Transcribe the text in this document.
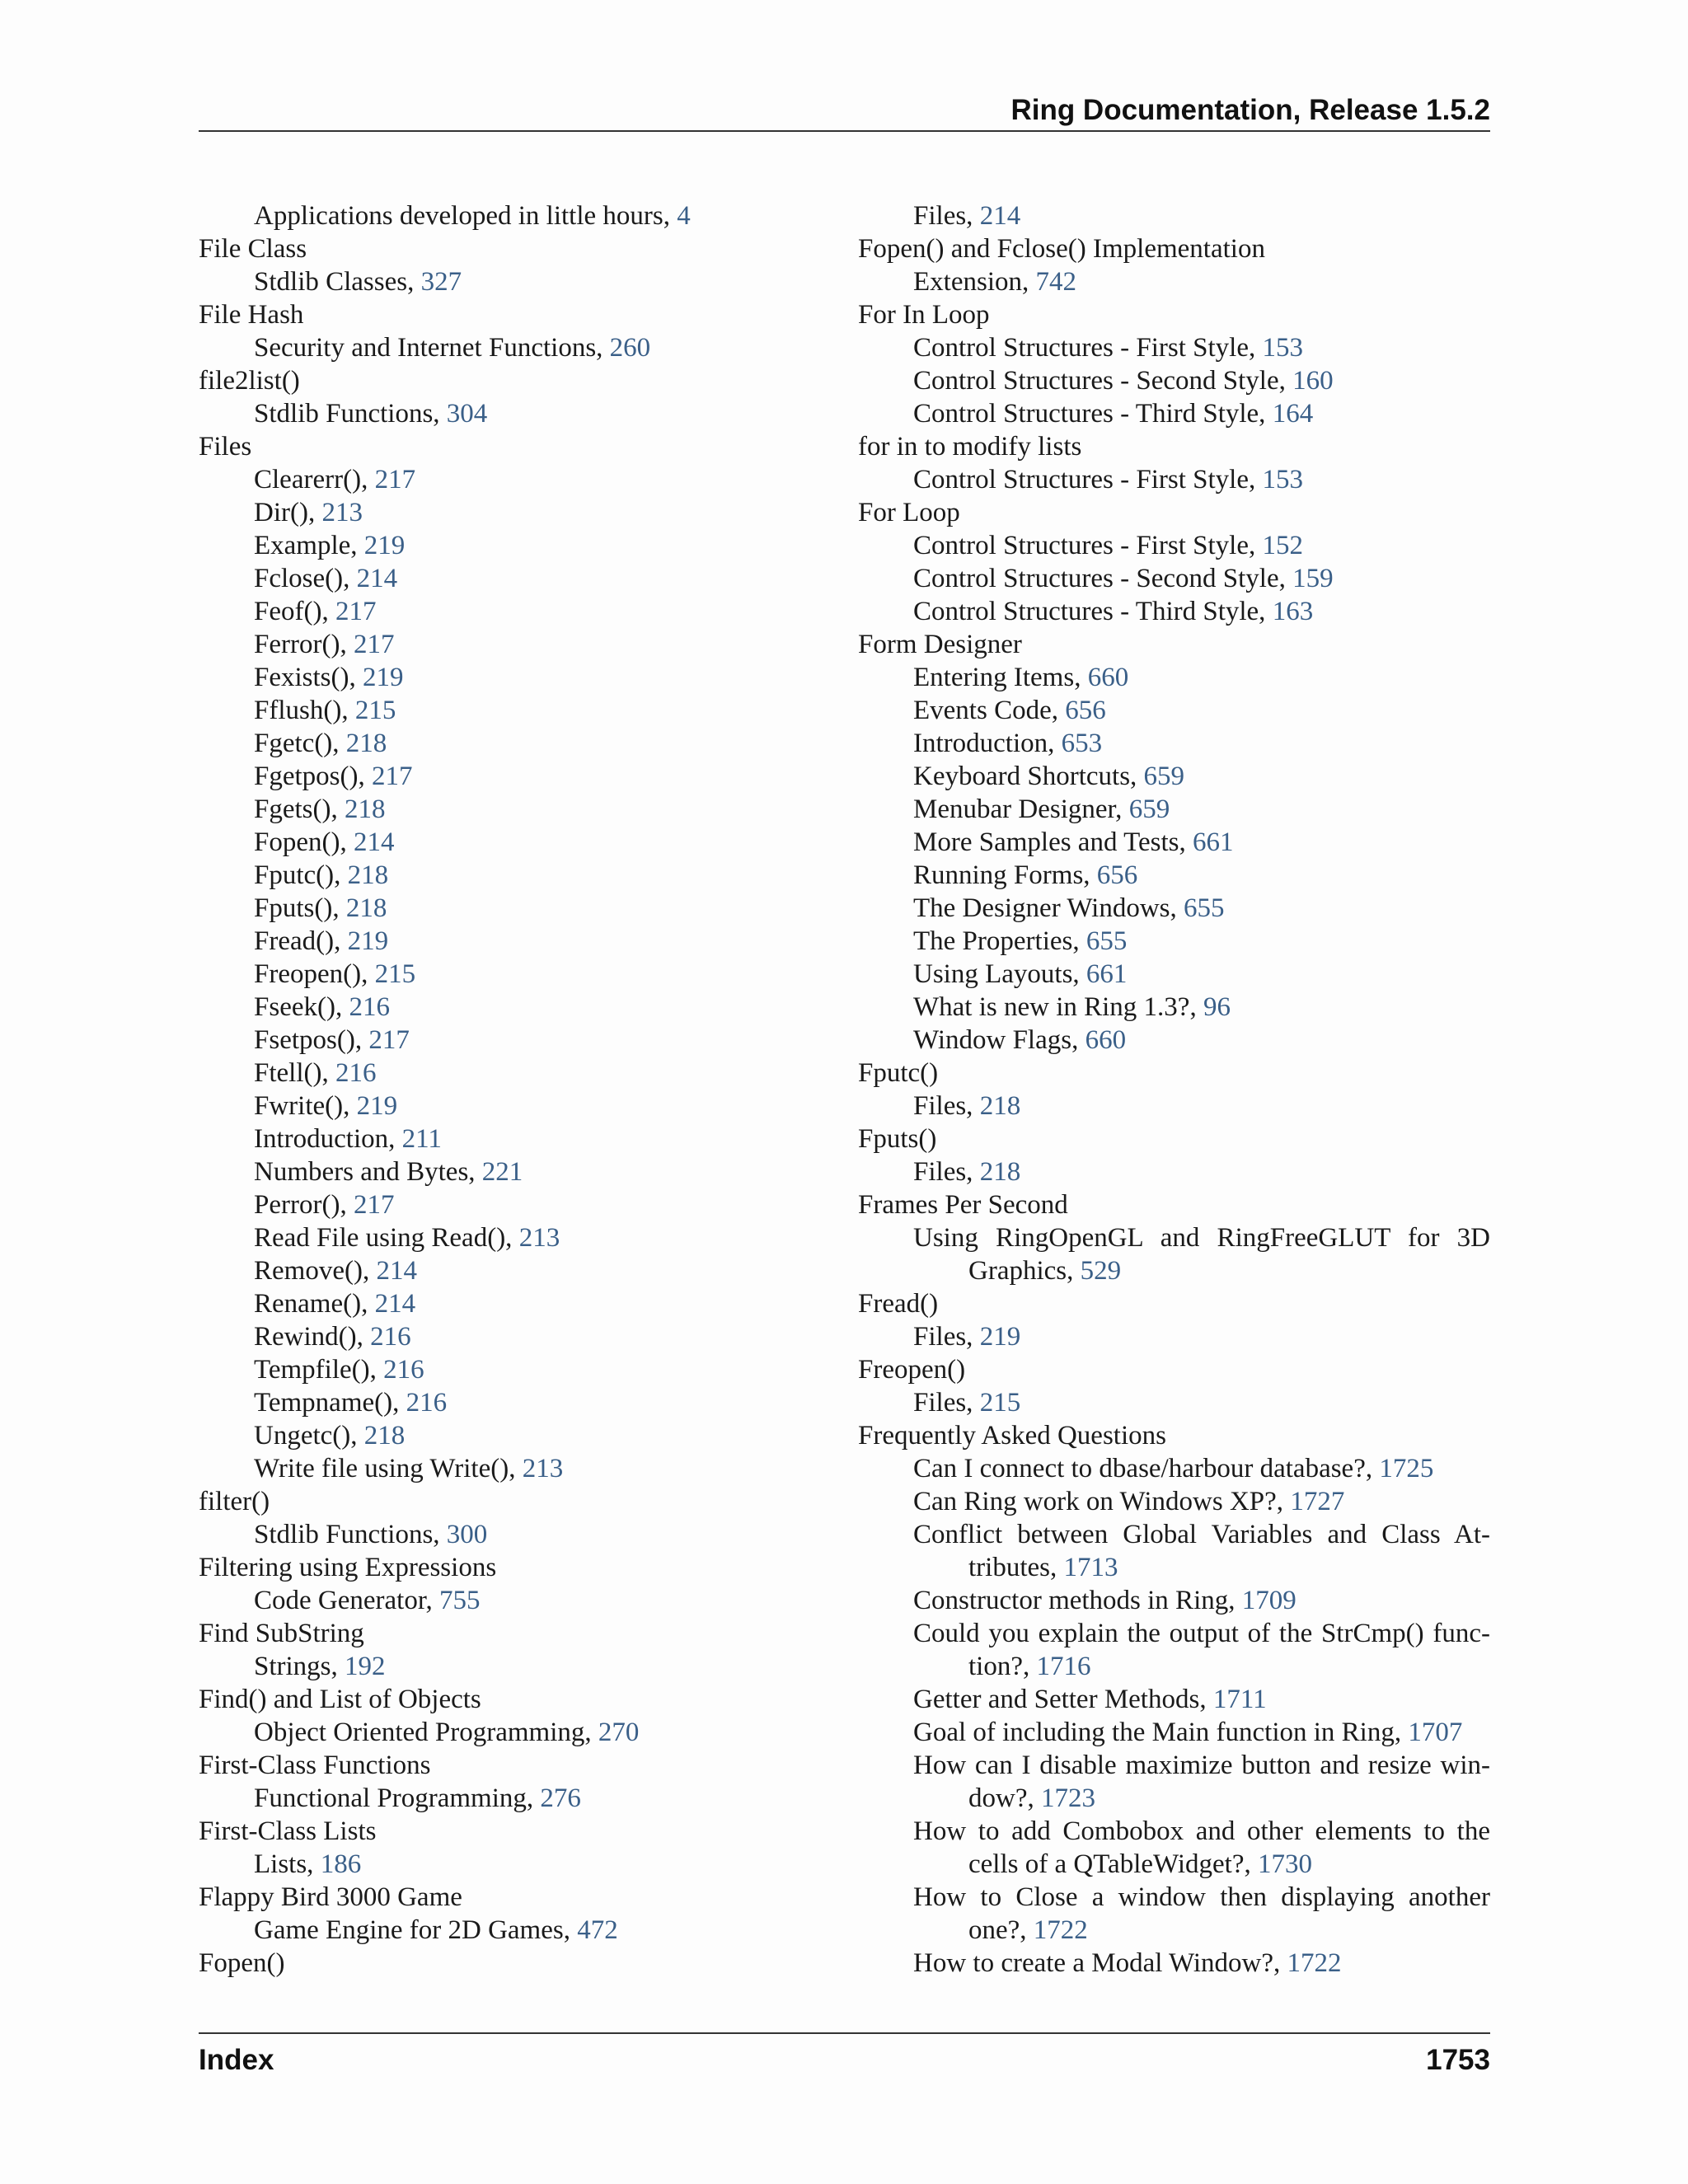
Ring Documentation, Release 1.5.2
Applications developed in little hours, 4
File Class
Stdlib Classes, 327
File Hash
Security and Internet Functions, 260
file2list()
Stdlib Functions, 304
Files
Clearerr(), 217
Dir(), 213
Example, 219
Fclose(), 214
Feof(), 217
Ferror(), 217
Fexists(), 219
Fflush(), 215
Fgetc(), 218
Fgetpos(), 217
Fgets(), 218
Fopen(), 214
Fputc(), 218
Fputs(), 218
Fread(), 219
Freopen(), 215
Fseek(), 216
Fsetpos(), 217
Ftell(), 216
Fwrite(), 219
Introduction, 211
Numbers and Bytes, 221
Perror(), 217
Read File using Read(), 213
Remove(), 214
Rename(), 214
Rewind(), 216
Tempfile(), 216
Tempname(), 216
Ungetc(), 218
Write file using Write(), 213
filter()
Stdlib Functions, 300
Filtering using Expressions
Code Generator, 755
Find SubString
Strings, 192
Find() and List of Objects
Object Oriented Programming, 270
First-Class Functions
Functional Programming, 276
First-Class Lists
Lists, 186
Flappy Bird 3000 Game
Game Engine for 2D Games, 472
Fopen()
Files, 214
Fopen() and Fclose() Implementation
Extension, 742
For In Loop
Control Structures - First Style, 153
Control Structures - Second Style, 160
Control Structures - Third Style, 164
for in to modify lists
Control Structures - First Style, 153
For Loop
Control Structures - First Style, 152
Control Structures - Second Style, 159
Control Structures - Third Style, 163
Form Designer
Entering Items, 660
Events Code, 656
Introduction, 653
Keyboard Shortcuts, 659
Menubar Designer, 659
More Samples and Tests, 661
Running Forms, 656
The Designer Windows, 655
The Properties, 655
Using Layouts, 661
What is new in Ring 1.3?, 96
Window Flags, 660
Fputc()
Files, 218
Fputs()
Files, 218
Frames Per Second
Using RingOpenGL and RingFreeGLUT for 3D
Graphics, 529
Fread()
Files, 219
Freopen()
Files, 215
Frequently Asked Questions
Can I connect to dbase/harbour database?, 1725
Can Ring work on Windows XP?, 1727
Conflict between Global Variables and Class At-
tributes, 1713
Constructor methods in Ring, 1709
Could you explain the output of the StrCmp() func-
tion?, 1716
Getter and Setter Methods, 1711
Goal of including the Main function in Ring, 1707
How can I disable maximize button and resize win-
dow?, 1723
How to add Combobox and other elements to the
cells of a QTableWidget?, 1730
How to Close a window then displaying another
one?, 1722
How to create a Modal Window?, 1722
Index	1753
